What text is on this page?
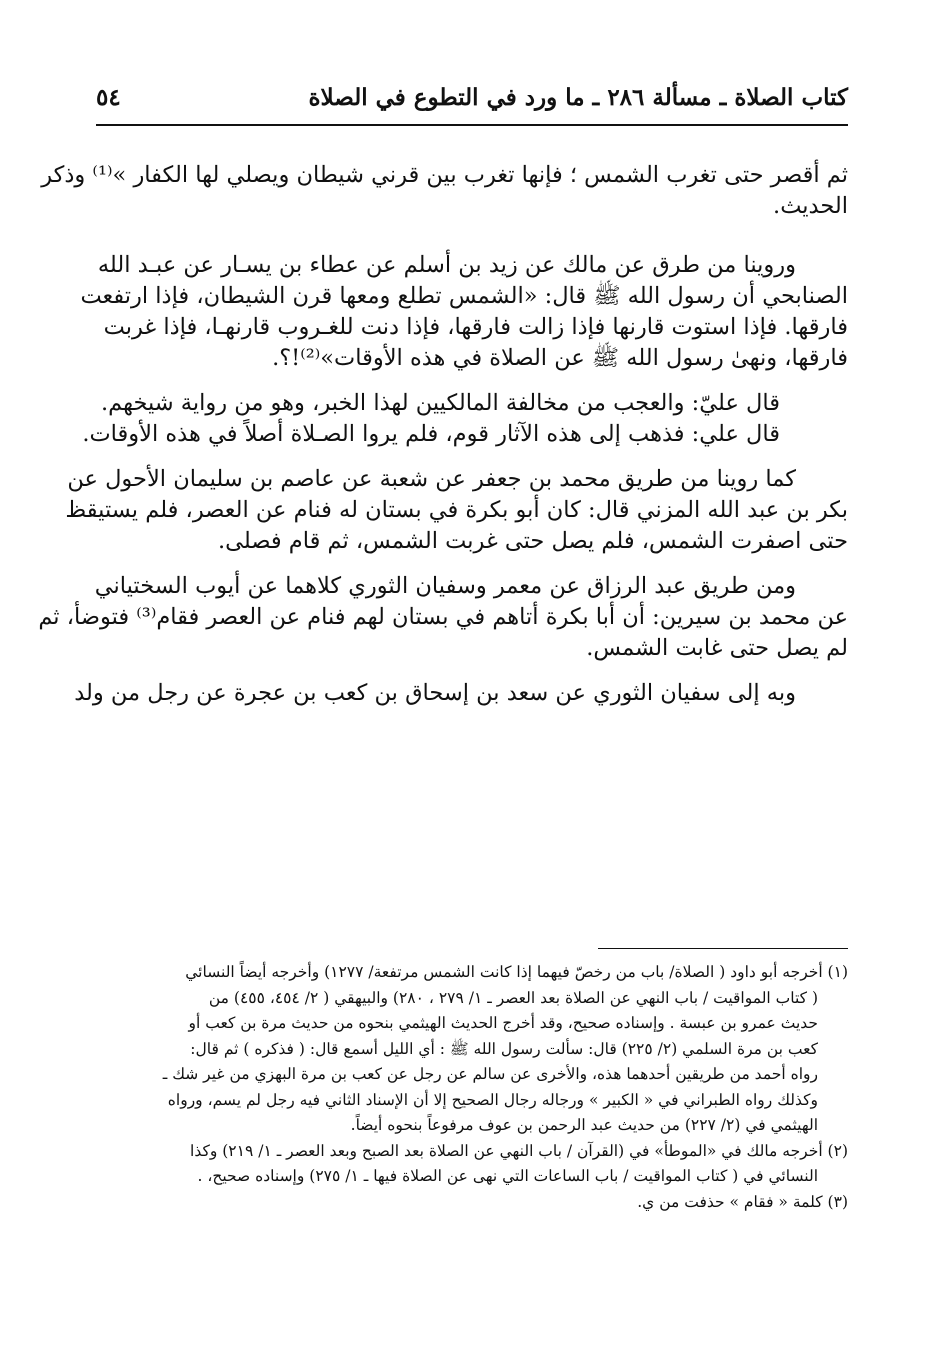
كتاب الصلاة ـ مسألة ٢٨٦ ـ ما ورد في التطوع في الصلاة
٥٤

ثم أقصر حتى تغرب الشمس ؛ فإنها تغرب بين قرني شيطان ويصلي لها الكفار »⁽¹⁾ وذكر

الحديث.

وروينا من طرق عن مالك عن زيد بن أسلم عن عطاء بن يسـار عن عبـد الله

الصنابحي أن رسول الله ﷺ قال: «الشمس تطلع ومعها قرن الشيطان، فإذا ارتفعت

فارقها. فإذا استوت قارنها فإذا زالت فارقها، فإذا دنت للغـروب قارنهـا، فإذا غربت

فارقها، ونهىٰ رسول الله ﷺ عن الصلاة في هذه الأوقات»⁽²⁾!؟.

قال عليّ: والعجب من مخالفة المالكيين لهذا الخبر، وهو من رواية شيخهم.

قال علي: فذهب إلى هذه الآثار قوم، فلم يروا الصـلاة أصلاً في هذه الأوقات.

كما روينا من طريق محمد بن جعفر عن شعبة عن عاصم بن سليمان الأحول عن

بكر بن عبد الله المزني قال: كان أبو بكرة في بستان له فنام عن العصر، فلم يستيقظ

حتى اصفرت الشمس، فلم يصل حتى غربت الشمس، ثم قام فصلى.

ومن طريق عبد الرزاق عن معمر وسفيان الثوري كلاهما عن أيوب السختياني

عن محمد بن سيرين: أن أبا بكرة أتاهم في بستان لهم فنام عن العصر فقام⁽³⁾ فتوضأ، ثم

لم يصل حتى غابت الشمس.

وبه إلى سفيان الثوري عن سعد بن إسحاق بن كعب بن عجرة عن رجل من ولد

(١) أخرجه أبو داود ( الصلاة/ باب من رخصّ فيهما إذا كانت الشمس مرتفعة/ ١٢٧٧) وأخرجه أيضاً النسائي

( كتاب المواقيت / باب النهي عن الصلاة بعد العصر ـ ١/ ٢٧٩ ، ٢٨٠) والبيهقي ( ٢/ ٤٥٤، ٤٥٥) من

حديث عمرو بن عبسة . وإسناده صحيح، وقد أخرج الحديث الهيثمي بنحوه من حديث مرة بن كعب أو

كعب بن مرة السلمي (٢/ ٢٢٥) قال: سألت رسول الله ﷺ : أي الليل أسمع قال: ( فذكره ) ثم قال:

رواه أحمد من طريقين أحدهما هذه، والأخرى عن سالم عن رجل عن كعب بن مرة البهزي من غير شك ـ

وكذلك رواه الطبراني في « الكبير » ورجاله رجال الصحيح إلا أن الإسناد الثاني فيه رجل لم يسم، ورواه

الهيثمي في (٢/ ٢٢٧) من حديث عبد الرحمن بن عوف مرفوعاً بنحوه أيضاً.

(٢) أخرجه مالك في «الموطأ» في (القرآن / باب النهي عن الصلاة بعد الصبح وبعد العصر ـ ١/ ٢١٩) وكذا

النسائي في ( كتاب المواقيت / باب الساعات التي نهى عن الصلاة فيها ـ ١/ ٢٧٥) وإسناده صحيح، .

(٣) كلمة « فقام » حذفت من ي.
